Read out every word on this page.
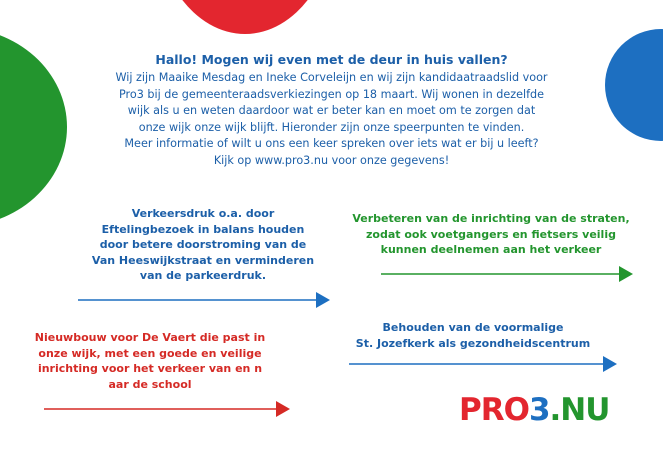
Hallo! Mogen wij even met de deur in huis vallen?
Wij zijn Maaike Mesdag en Ineke Corveleijn en wij zijn kandidaatraadslid voor
Pro3 bij de gemeenteraadsverkiezingen op 18 maart. Wij wonen in dezelfde
wijk als u en weten daardoor wat er beter kan en moet om te zorgen dat
onze wijk onze wijk blijft. Hieronder zijn onze speerpunten te vinden.
Meer informatie of wilt u ons een keer spreken over iets wat er bij u leeft?
Kijk op www.pro3.nu voor onze gegevens!
Verkeersdruk o.a. door
Eftelingbezoek in balans houden
door betere doorstroming van de
Van Heeswijkstraat en verminderen
van de parkeerdruk.
Verbeteren van de inrichting van de straten,
zodat ook voetgangers en fietsers veilig
kunnen deelnemen aan het verkeer
Nieuwbouw voor De Vaert die past in
onze wijk, met een goede en veilige
inrichting voor het verkeer van en n
aar de school
Behouden van de voormalige
St. Jozefkerk als gezondheidscentrum
PRO3.NU
